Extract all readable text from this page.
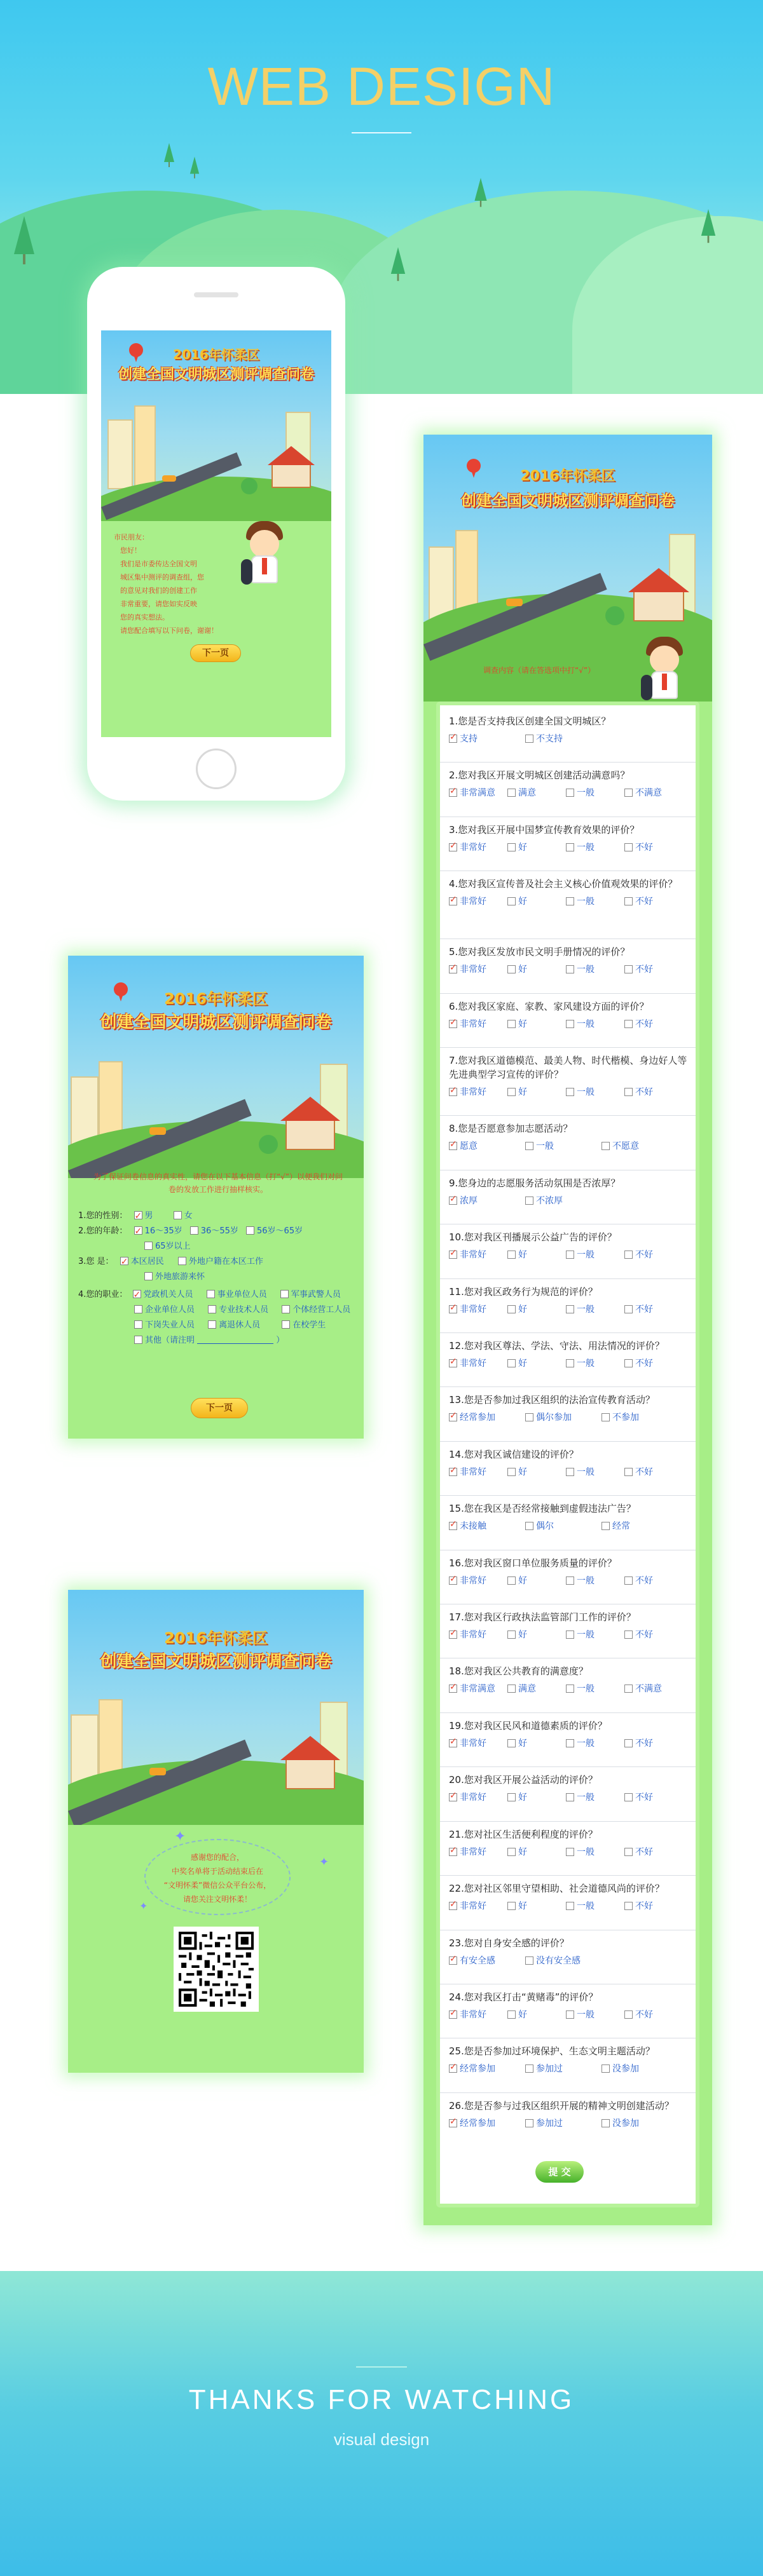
WEB DESIGN
2016年怀柔区
创建全国文明城区测评调查问卷
市民朋友：
您好！
我们是市委传达全国文明
城区集中测评的调查组，您
的意见对我们的创建工作
非常重要，请您如实反映
您的真实想法。
请您配合填写以下问卷，谢谢！
下一页
2016年怀柔区
创建全国文明城区测评调查问卷
为了保证问卷信息的真实性，请您在以下基本信息（打“√”）以便我们对问卷的发放工作进行抽样核实。
1.您的性别： ✓ 男	女
2.您的年龄： ✓ 16～35岁 36～55岁 56岁～65岁
65岁以上
3.您 是： ✓ 本区居民	外地户籍在本区工作
外地旅游来怀
4.您的职业： ✓ 党政机关人员	事业单位人员	军事武警人员
企业单位人员	专业技术人员	个体经营工人员
下岗失业人员	离退休人员	在校学生
其他（请注明	）
下一页
2016年怀柔区
创建全国文明城区测评调查问卷
✦
✦
✦
感谢您的配合，
中奖名单将于活动结束后在
“文明怀柔”微信公众平台公布，
请您关注文明怀柔！
2016年怀柔区
创建全国文明城区测评调查问卷
调查内容（请在答选项中打“√”）
1.您是否支持我区创建全国文明城区？
✓支持	不支持
2.您对我区开展文明城区创建活动满意吗？
✓非常满意	满意	一般	不满意
3.您对我区开展中国梦宣传教育效果的评价？
✓非常好	好	一般	不好
4.您对我区宣传普及社会主义核心价值观效果的评价？
✓非常好	好	一般	不好
5.您对我区发放市民文明手册情况的评价？
✓非常好	好	一般	不好
6.您对我区家庭、家教、家风建设方面的评价？
✓非常好	好	一般	不好
7.您对我区道德模范、最美人物、时代楷模、身边好人等先进典型学习宣传的评价？
✓非常好	好	一般	不好
8.您是否愿意参加志愿活动？
✓愿意	一般	不愿意
9.您身边的志愿服务活动氛围是否浓厚？
✓浓厚	不浓厚
10.您对我区刊播展示公益广告的评价？
✓非常好	好	一般	不好
11.您对我区政务行为规范的评价？
✓非常好	好	一般	不好
12.您对我区尊法、学法、守法、用法情况的评价？
✓非常好	好	一般	不好
13.您是否参加过我区组织的法治宣传教育活动？
✓经常参加	偶尔参加	不参加
14.您对我区诚信建设的评价？
✓非常好	好	一般	不好
15.您在我区是否经常接触到虚假违法广告？
✓未接触	偶尔	经常
16.您对我区窗口单位服务质量的评价？
✓非常好	好	一般	不好
17.您对我区行政执法监管部门工作的评价？
✓非常好	好	一般	不好
18.您对我区公共教育的满意度？
✓非常满意	满意	一般	不满意
19.您对我区民风和道德素质的评价？
✓非常好	好	一般	不好
20.您对我区开展公益活动的评价？
✓非常好	好	一般	不好
21.您对社区生活便利程度的评价？
✓非常好	好	一般	不好
22.您对社区邻里守望相助、社会道德风尚的评价？
✓非常好	好	一般	不好
23.您对自身安全感的评价？
✓有安全感	没有安全感
24.您对我区打击“黄赌毒”的评价？
✓非常好	好	一般	不好
25.您是否参加过环境保护、生态文明主题活动？
✓经常参加	参加过	没参加
26.您是否参与过我区组织开展的精神文明创建活动？
✓经常参加	参加过	没参加
提 交
THANKS FOR WATCHING
visual design
